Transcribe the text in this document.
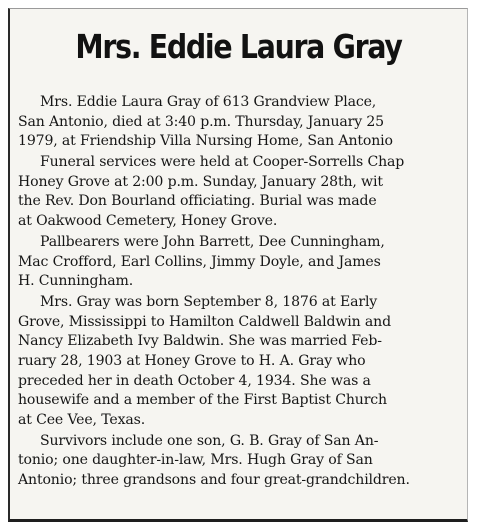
Mrs. Eddie Laura Gray
Mrs. Eddie Laura Gray of 613 Grandview Place,
San Antonio, died at 3:40 p.m. Thursday, January 25
1979, at Friendship Villa Nursing Home, San Antonio
Funeral services were held at Cooper-Sorrells Chap
Honey Grove at 2:00 p.m. Sunday, January 28th, wit
the Rev. Don Bourland officiating. Burial was made
at Oakwood Cemetery, Honey Grove.
Pallbearers were John Barrett, Dee Cunningham,
Mac Crofford, Earl Collins, Jimmy Doyle, and James
H. Cunningham.
Mrs. Gray was born September 8, 1876 at Early
Grove, Mississippi to Hamilton Caldwell Baldwin and
Nancy Elizabeth Ivy Baldwin. She was married Feb-
ruary 28, 1903 at Honey Grove to H. A. Gray who
preceded her in death October 4, 1934. She was a
housewife and a member of the First Baptist Church
at Cee Vee, Texas.
Survivors include one son, G. B. Gray of San An-
tonio; one daughter-in-law, Mrs. Hugh Gray of San
Antonio; three grandsons and four great-grandchildren.
